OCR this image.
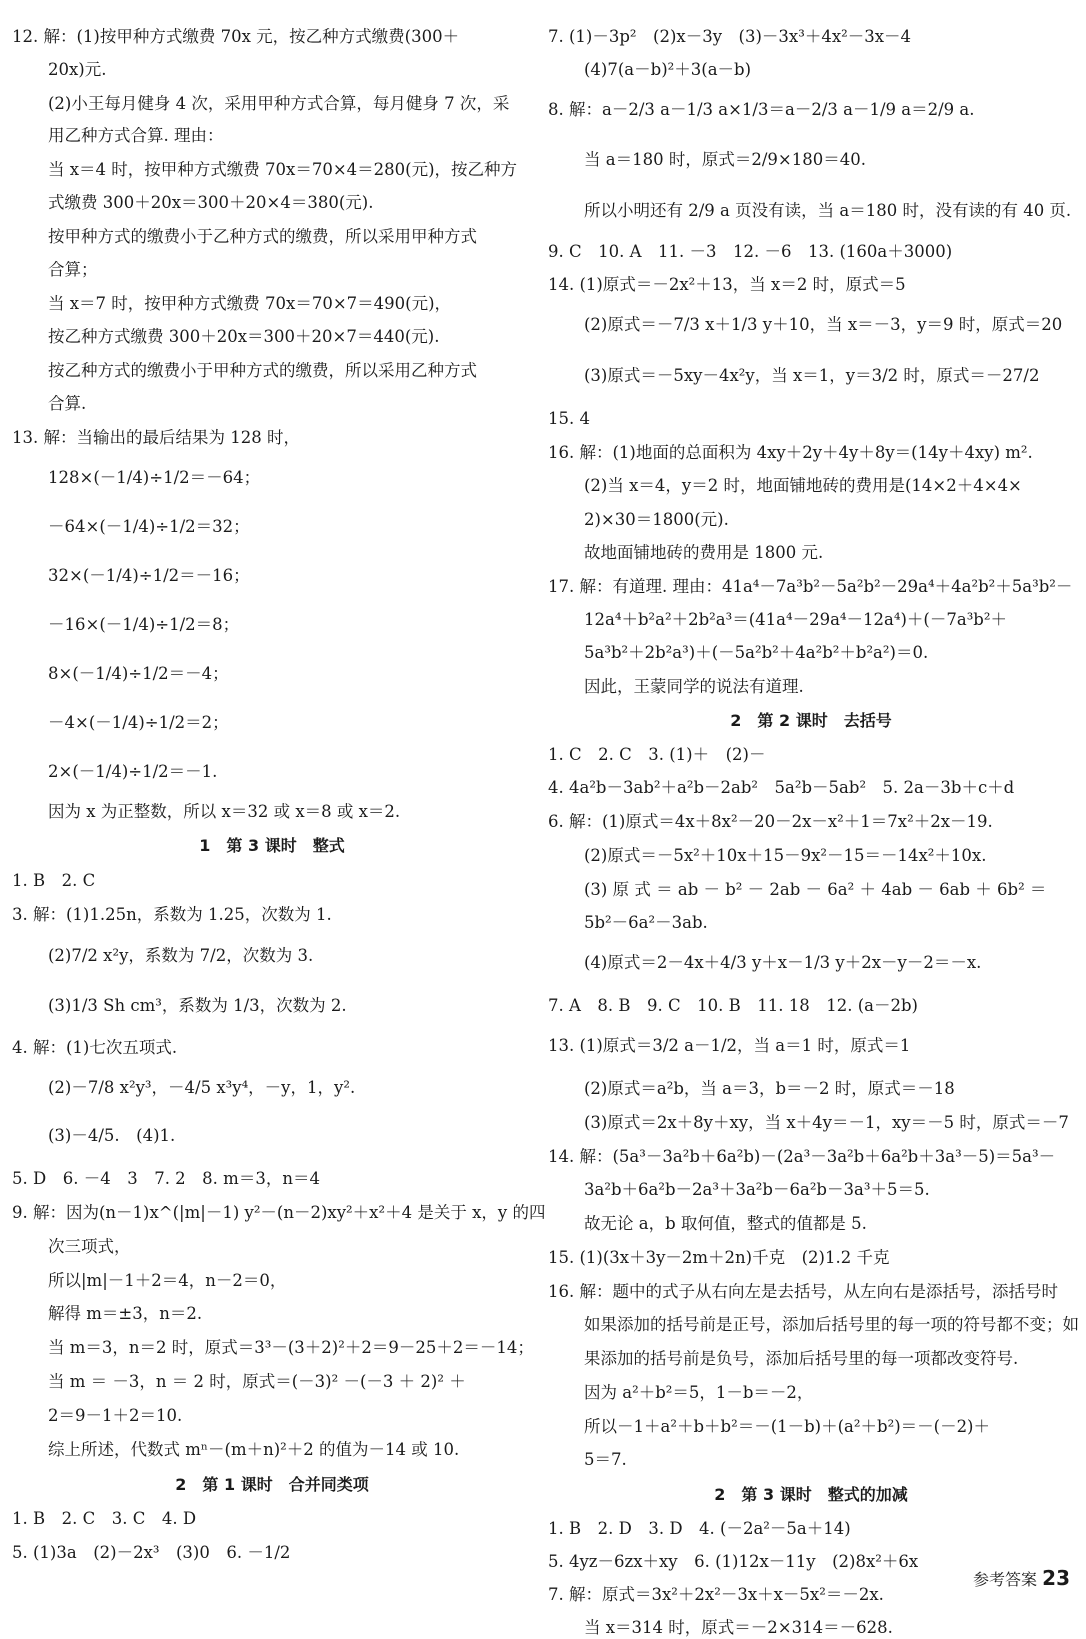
12. 解：(1)按甲种方式缴费 70x 元，按乙种方式缴费(300＋
20x)元.
(2)小王每月健身 4 次，采用甲种方式合算，每月健身 7 次，采
用乙种方式合算. 理由：
当 x＝4 时，按甲种方式缴费 70x＝70×4＝280(元)，按乙种方
式缴费 300＋20x＝300＋20×4＝380(元).
按甲种方式的缴费小于乙种方式的缴费，所以采用甲种方式
合算；
当 x＝7 时，按甲种方式缴费 70x＝70×7＝490(元)，
按乙种方式缴费 300＋20x＝300＋20×7＝440(元).
按乙种方式的缴费小于甲种方式的缴费，所以采用乙种方式
合算.
13. 解：当输出的最后结果为 128 时，
128×(－1/4)÷1/2＝－64；
－64×(－1/4)÷1/2＝32；
32×(－1/4)÷1/2＝－16；
－16×(－1/4)÷1/2＝8；
8×(－1/4)÷1/2＝－4；
－4×(－1/4)÷1/2＝2；
2×(－1/4)÷1/2＝－1.
因为 x 为正整数，所以 x＝32 或 x＝8 或 x＝2.
1　第 3 课时　整式
1. B　2. C
3. 解：(1)1.25n，系数为 1.25，次数为 1.
(2)7/2 x²y，系数为 7/2，次数为 3.
(3)1/3 Sh cm³，系数为 1/3，次数为 2.
4. 解：(1)七次五项式.
(2)－7/8 x²y³，－4/5 x³y⁴，－y，1，y².
(3)－4/5.　(4)1.
5. D　6. －4　3　7. 2　8. m＝3，n＝4
9. 解：因为(n－1)x^(|m|－1) y²－(n－2)xy²＋x²＋4 是关于 x，y 的四
次三项式，
所以|m|－1＋2＝4，n－2＝0，
解得 m＝±3，n＝2.
当 m＝3，n＝2 时，原式＝3³－(3＋2)²＋2＝9－25＋2＝－14；
当 m ＝ －3，n ＝ 2 时，原式＝(－3)² －(－3 ＋ 2)² ＋
2＝9－1＋2＝10.
综上所述，代数式 mⁿ－(m＋n)²＋2 的值为－14 或 10.
2　第 1 课时　合并同类项
1. B　2. C　3. C　4. D
5. (1)3a　(2)－2x³　(3)0　6. －1/2
7. (1)－3p²　(2)x－3y　(3)－3x³＋4x²－3x－4
(4)7(a－b)²＋3(a－b)
8. 解：a－2/3 a－1/3 a×1/3＝a－2/3 a－1/9 a＝2/9 a.
当 a＝180 时，原式＝2/9×180＝40.
所以小明还有 2/9 a 页没有读，当 a＝180 时，没有读的有 40 页.
9. C　10. A　11. －3　12. －6　13. (160a＋3000)
14. (1)原式＝－2x²＋13，当 x＝2 时，原式＝5
(2)原式＝－7/3 x＋1/3 y＋10，当 x＝－3，y＝9 时，原式＝20
(3)原式＝－5xy－4x²y，当 x＝1，y＝3/2 时，原式＝－27/2
15. 4
16. 解：(1)地面的总面积为 4xy＋2y＋4y＋8y＝(14y＋4xy) m².
(2)当 x＝4，y＝2 时，地面铺地砖的费用是(14×2＋4×4×
2)×30＝1800(元).
故地面铺地砖的费用是 1800 元.
17. 解：有道理. 理由：41a⁴－7a³b²－5a²b²－29a⁴＋4a²b²＋5a³b²－
12a⁴＋b²a²＋2b²a³＝(41a⁴－29a⁴－12a⁴)＋(－7a³b²＋
5a³b²＋2b²a³)＋(－5a²b²＋4a²b²＋b²a²)＝0.
因此，王蒙同学的说法有道理.
2　第 2 课时　去括号
1. C　2. C　3. (1)＋　(2)－
4. 4a²b－3ab²＋a²b－2ab²　5a²b－5ab²　5. 2a－3b＋c＋d
6. 解：(1)原式＝4x＋8x²－20－2x－x²＋1＝7x²＋2x－19.
(2)原式＝－5x²＋10x＋15－9x²－15＝－14x²＋10x.
(3) 原 式 ＝ ab － b² － 2ab － 6a² ＋ 4ab － 6ab ＋ 6b² ＝
5b²－6a²－3ab.
(4)原式＝2－4x＋4/3 y＋x－1/3 y＋2x－y－2＝－x.
7. A　8. B　9. C　10. B　11. 18　12. (a－2b)
13. (1)原式＝3/2 a－1/2，当 a＝1 时，原式＝1
(2)原式＝a²b，当 a＝3，b＝－2 时，原式＝－18
(3)原式＝2x＋8y＋xy，当 x＋4y＝－1，xy＝－5 时，原式＝－7
14. 解：(5a³－3a²b＋6a²b)－(2a³－3a²b＋6a²b＋3a³－5)＝5a³－
3a²b＋6a²b－2a³＋3a²b－6a²b－3a³＋5＝5.
故无论 a，b 取何值，整式的值都是 5.
15. (1)(3x＋3y－2m＋2n)千克　(2)1.2 千克
16. 解：题中的式子从右向左是去括号，从左向右是添括号，添括号时
如果添加的括号前是正号，添加后括号里的每一项的符号都不变；如
果添加的括号前是负号，添加后括号里的每一项都改变符号.
因为 a²＋b²＝5，1－b＝－2，
所以－1＋a²＋b＋b²＝－(1－b)＋(a²＋b²)＝－(－2)＋
5＝7.
2　第 3 课时　整式的加减
1. B　2. D　3. D　4. (－2a²－5a＋14)
5. 4yz－6zx＋xy　6. (1)12x－11y　(2)8x²＋6x
7. 解：原式＝3x²＋2x²－3x＋x－5x²＝－2x.
当 x＝314 时，原式＝－2×314＝－628.
参考答案 23
